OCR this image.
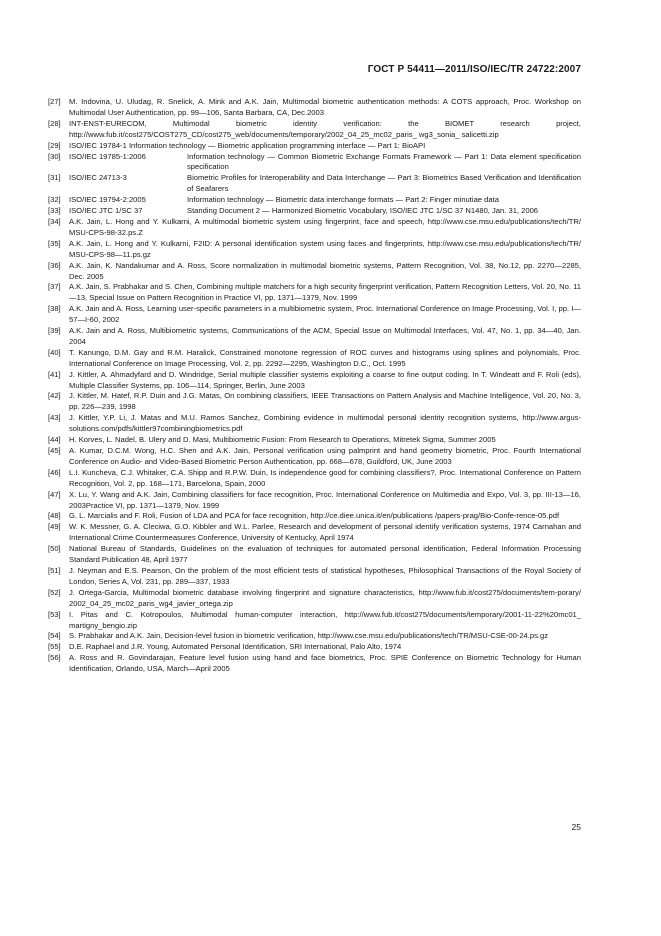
ГОСТ Р 54411—2011/ISO/IEC/TR 24722:2007
[27]	M. Indovina, U. Uludag, R. Snelick, A. Mink and A.K. Jain, Multimodal biometric authentication methods: A COTS approach, Proc. Workshop on Multimodal User Authentication, pp. 99—106, Santa Barbara, CA, Dec.2003
[28]	INT-ENST-EURECOM, Multimodal biometric identity verification: the BIOMET research project, http://www.fub.it/cost275/COST275_CD/cost275_web/documents/temporary/2002_04_25_mc02_paris_ wg3_sonia_ salicetti.zip
[29]	ISO/IEC 19784-1 Information technology — Biometric application programming interface — Part 1: BioAPI
[30]	ISO/IEC 19785-1:2006	Information technology — Common Biometric Exchange Formats Framework — Part 1: Data element specification specification
[31]	ISO/IEC 24713-3	Biometric Profiles for Interoperability and Data Interchange — Part 3: Biometrics Based Verification and Identification of Seafarers
[32]	ISO/IEC 19794-2:2005	Information technology — Biometric data interchange formats — Part 2: Finger minutiae data
[33]	ISO/IEC JTC 1/SC 37	Standing Document 2 — Harmonized Biometric Vocabulary, ISO/IEC JTC 1/SC 37 N1480, Jan. 31, 2006
[34]	A.K. Jain, L. Hong and Y. Kulkarni, A multimodal biometric system using fingerprint, face and speech, http://www.cse.msu.edu/publications/tech/TR/ MSU-CPS-98-32.ps.Z
[35]	A.K. Jain, L. Hong and Y. Kulkarni, F2ID: A personal identification system using faces and fingerprints, http://www.cse.msu.edu/publications/tech/TR/ MSU-CPS-98—11.ps.gz
[36]	A.K. Jain, K. Nandakumar and A. Ross, Score normalization in multimodal biometric systems, Pattern Recognition, Vol. 38, No.12, pp. 2270—2285, Dec. 2005
[37]	A.K. Jain, S. Prabhakar and S. Chen, Combining multiple matchers for a high security fingerprint verification, Pattern Recognition Letters, Vol. 20, No. 11—13, Special Issue on Pattern Recognition in Practice VI, pp. 1371—1379, Nov. 1999
[38]	A.K. Jain and A. Ross, Learning user-specific parameters in a multibiometric system, Proc. International Conference on Image Processing, Vol. I, pp. I—57—I-60, 2002
[39]	A.K. Jain and A. Ross, Multibiometric systems, Communications of the ACM, Special Issue on Multimodal Interfaces, Vol. 47, No. 1, pp. 34—40, Jan. 2004
[40]	T. Kanungo, D.M. Gay and R.M. Haralick, Constrained monotone regression of ROC curves and histograms using splines and polynomials, Proc. International Conference on Image Processing, Vol. 2, pp. 2292—2295, Washington D.C., Oct. 1995
[41]	J. Kittler, A. Ahmadyfard and D. Windridge, Serial multiple classifier systems exploiting a coarse to fine output coding. In T. Windeatt and F. Roli (eds), Multiple Classifier Systems, pp. 106—114, Springer, Berlin, June 2003
[42]	J. Kittler, M. Hatef, R.P. Duin and J.G. Matas, On combining classifiers, IEEE Transactions on Pattern Analysis and Machine Intelligence, Vol. 20, No. 3, pp. 226—239, 1998
[43]	J. Kittler, Y.P. Li, J. Matas and M.U. Ramos Sanchez, Combining evidence in multimodal personal identity recognition systems, http://www.argus-solutions.com/pdfs/kittler97combiningbiometrics.pdf
[44]	H. Korves, L. Nadel, B. Ulery and D. Masi, Multibiometric Fusion: From Research to Operations, Mitretek Sigma, Summer 2005
[45]	A. Kumar, D.C.M. Wong, H.C. Shen and A.K. Jain, Personal verification using palmprint and hand geometry biometric, Proc. Fourth International Conference on Audio- and Video-Based Biometric Person Authentication, pp. 668—678, Guildford, UK, June 2003
[46]	L.I. Kuncheva, C.J. Whitaker, C.A. Shipp and R.P.W. Duin, Is independence good for combining classifiers?, Proc. International Conference on Pattern Recognition, Vol. 2, pp. 168—171, Barcelona, Spain, 2000
[47]	X. Lu, Y. Wang and A.K. Jain, Combining classifiers for face recognition, Proc. International Conference on Multimedia and Expo, Vol. 3, pp. III-13—16, 2003Practice VI, pp. 1371—1379, Nov. 1999
[48]	G. L. Marcialis and F. Roli, Fusion of LDA and PCA for face recognition, http://ce.diee.unica.it/en/publications /papers-prag/Bio-Confe-rence-05.pdf
[49]	W. K. Messner, G. A. Cleciwa, G.O. Kibbler and W.L. Parlee, Research and development of personal identify verification systems, 1974 Carnahan and International Crime Countermeasures Conference, University of Kentucky, April 1974
[50]	National Bureau of Standards, Guidelines on the evaluation of techniques for automated personal identification, Federal Information Processing Standard Publication 48, April 1977
[51]	J. Neyman and E.S. Pearson, On the problem of the most efficient tests of statistical hypotheses, Philosophical Transactions of the Royal Society of London, Series A, Vol. 231, pp. 289—337, 1933
[52]	J. Ortega-Garcia, Multimodal biometric database involving fingerprint and signature characteristics, http://www.fub.it/cost275/documents/tem-porary/ 2002_04_25_mc02_paris_wg4_javier_ortega.zip
[53]	I. Pitas and C. Kotropoulos, Multimodal human-computer interaction, http://www.fub.it/cost275/documents/temporary/2001-11-22%20mc01_ martigny_bengio.zip
[54]	S. Prabhakar and A.K. Jain, Decision-level fusion in biometric verification, http://www.cse.msu.edu/publications/tech/TR/MSU-CSE-00-24.ps.gz
[55]	D.E. Raphael and J.R. Young, Automated Personal Identification, SRI International, Palo Alto, 1974
[56]	A. Ross and R. Govindarajan, Feature level fusion using hand and face biometrics, Proc. SPIE Conference on Biometric Technology for Human Identification, Orlando, USA, March—April 2005
25
